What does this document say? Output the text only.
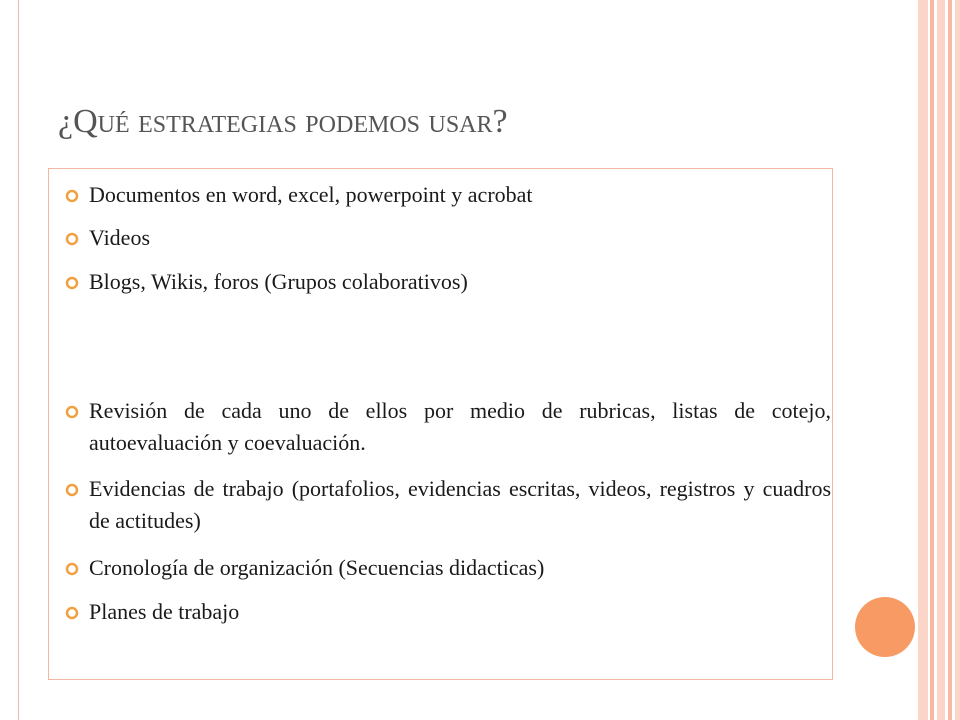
¿Qué estrategias podemos usar?
Documentos en word, excel, powerpoint y acrobat
Videos
Blogs, Wikis, foros (Grupos colaborativos)
Revisión de cada uno de ellos por medio de rubricas, listas de cotejo, autoevaluación y coevaluación.
Evidencias de trabajo (portafolios, evidencias escritas, videos, registros y cuadros de actitudes)
Cronología de organización (Secuencias didacticas)
Planes de trabajo
